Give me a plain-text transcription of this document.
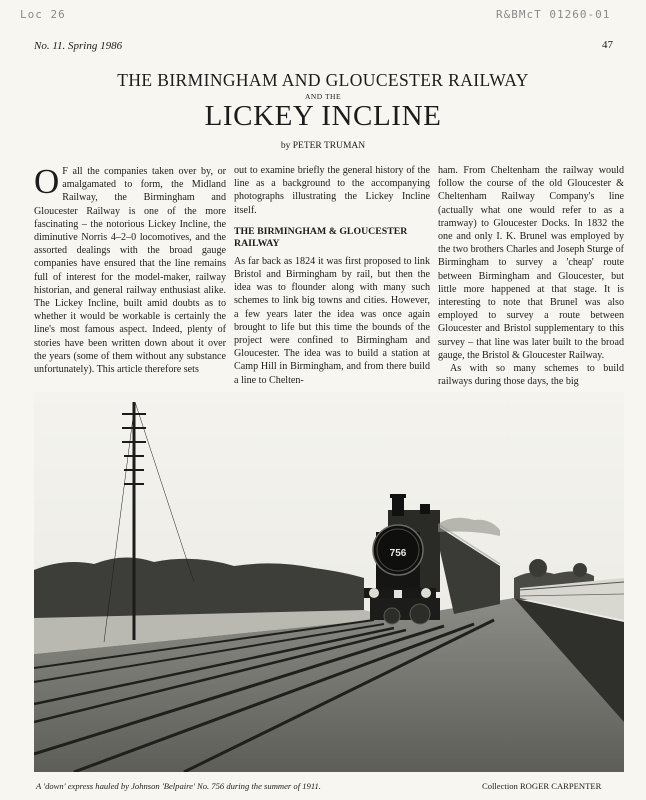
Loc 26	R&BMcT 01260-01
No. 11. Spring 1986	47
THE BIRMINGHAM AND GLOUCESTER RAILWAY
AND THE
LICKEY INCLINE
by PETER TRUMAN

O F all the companies taken over by, or amalgamated to form, the Midland Railway, the Birmingham and Gloucester Railway is one of the more fascinating – the notorious Lickey Incline, the diminutive Norris 4–2–0 locomotives, and the assorted dealings with the broad gauge companies have ensured that the line remains full of interest for the model-maker, railway historian, and general railway enthusiast alike. The Lickey Incline, built amid doubts as to whether it would be workable is certainly the line's most famous aspect. Indeed, plenty of stories have been written down about it over the years (some of them without any substance unfortunately). This article therefore sets

out to examine briefly the general history of the line as a background to the accompanying photographs illustrating the Lickey Incline itself.

THE BIRMINGHAM & GLOUCESTER RAILWAY

As far back as 1824 it was first proposed to link Bristol and Birmingham by rail, but then the idea was to flounder along with many such schemes to link big towns and cities. However, a few years later the idea was once again brought to life but this time the bounds of the project were confined to Birmingham and Gloucester. The idea was to build a station at Camp Hill in Birmingham, and from there build a line to Chelten-

ham. From Cheltenham the railway would follow the course of the old Gloucester & Cheltenham Railway Company's line (actually what one would refer to as a tramway) to Gloucester Docks. In 1832 the one and only I. K. Brunel was employed by the two brothers Charles and Joseph Sturge of Birmingham to survey a 'cheap' route between Birmingham and Gloucester, but little more happened at that stage. It is interesting to note that Brunel was also employed to survey a route between Gloucester and Bristol supplementary to this survey – that line was later built to the broad gauge, the Bristol & Gloucester Railway.

As with so many schemes to build railways during those days, the big

756
A 'down' express hauled by Johnson 'Belpaire' No. 756 during the summer of 1911.	Collection ROGER CARPENTER
